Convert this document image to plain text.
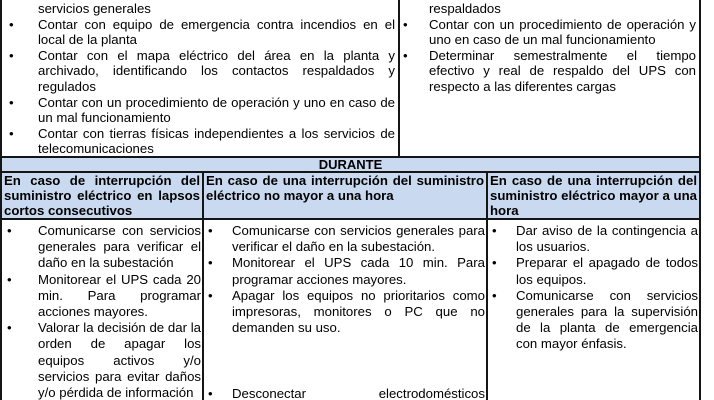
servicios generales
• Contar con equipo de emergencia contra incendios en el local de la planta
• Contar con el mapa eléctrico del área en la planta y archivado, identificando los contactos respaldados y regulados
• Contar con un procedimiento de operación y uno en caso de un mal funcionamiento
• Contar con tierras físicas independientes a los servicios de telecomunicaciones
respaldados
• Contar con un procedimiento de operación y uno en caso de un mal funcionamiento
• Determinar semestralmente el tiempo efectivo y real de respaldo del UPS con respecto a las diferentes cargas
DURANTE
En caso de interrupción del suministro eléctrico en lapsos cortos consecutivos
En caso de una interrupción del suministro eléctrico no mayor a una hora
En caso de una interrupción del suministro eléctrico mayor a una hora
• Comunicarse con servicios generales para verificar el daño en la subestación
• Monitorear el UPS cada 20 min. Para programar acciones mayores.
• Valorar la decisión de dar la orden de apagar los equipos activos y/o servicios para evitar daños y/o pérdida de información
• Comunicarse con servicios generales para verificar el daño en la subestación.
• Monitorear el UPS cada 10 min. Para programar acciones mayores.
• Apagar los equipos no prioritarios como impresoras, monitores o PC que no demanden su uso.
• Desconectar electrodomésticos
• Dar aviso de la contingencia a los usuarios.
• Preparar el apagado de todos los equipos.
• Comunicarse con servicios generales para la supervisión de la planta de emergencia con mayor énfasis.
